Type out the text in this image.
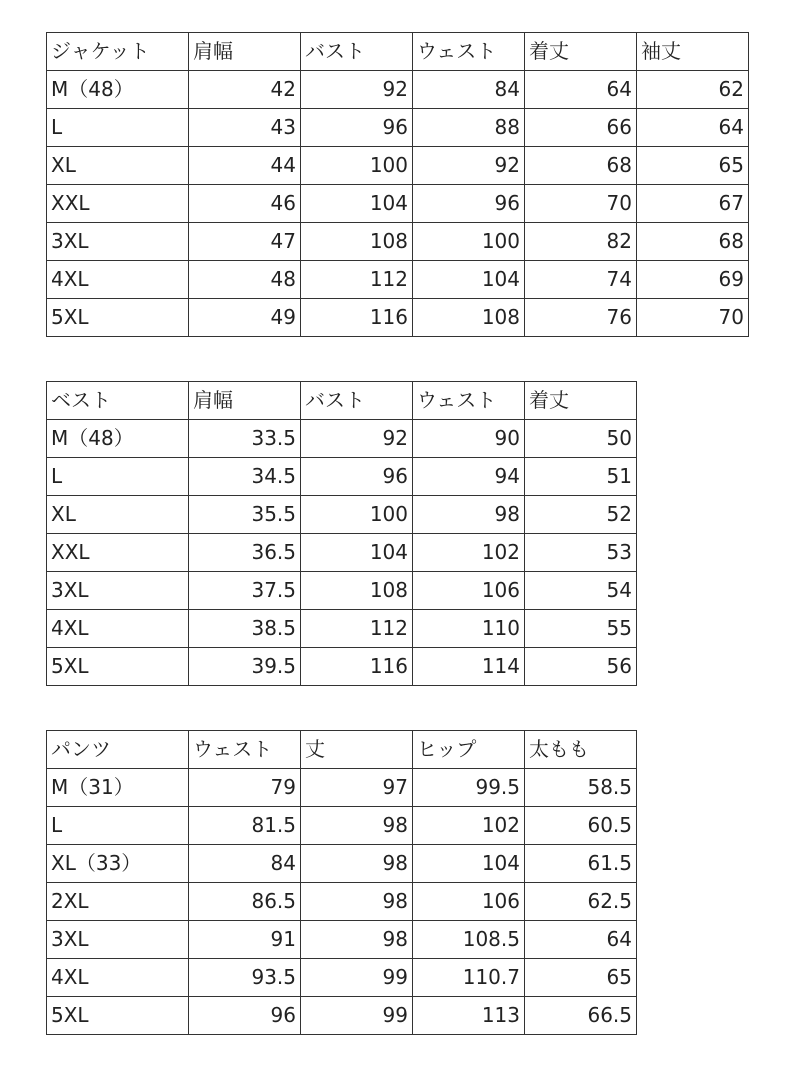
ジャケット	肩幅	バスト	ウェスト	着丈	袖丈
M（48）	42	92	84	64	62
L	43	96	88	66	64
XL	44	100	92	68	65
XXL	46	104	96	70	67
3XL	47	108	100	82	68
4XL	48	112	104	74	69
5XL	49	116	108	76	70
ベスト	肩幅	バスト	ウェスト	着丈
M（48）	33.5	92	90	50
L	34.5	96	94	51
XL	35.5	100	98	52
XXL	36.5	104	102	53
3XL	37.5	108	106	54
4XL	38.5	112	110	55
5XL	39.5	116	114	56
パンツ	ウェスト	丈	ヒップ	太もも
M（31）	79	97	99.5	58.5
L	81.5	98	102	60.5
XL（33）	84	98	104	61.5
2XL	86.5	98	106	62.5
3XL	91	98	108.5	64
4XL	93.5	99	110.7	65
5XL	96	99	113	66.5
